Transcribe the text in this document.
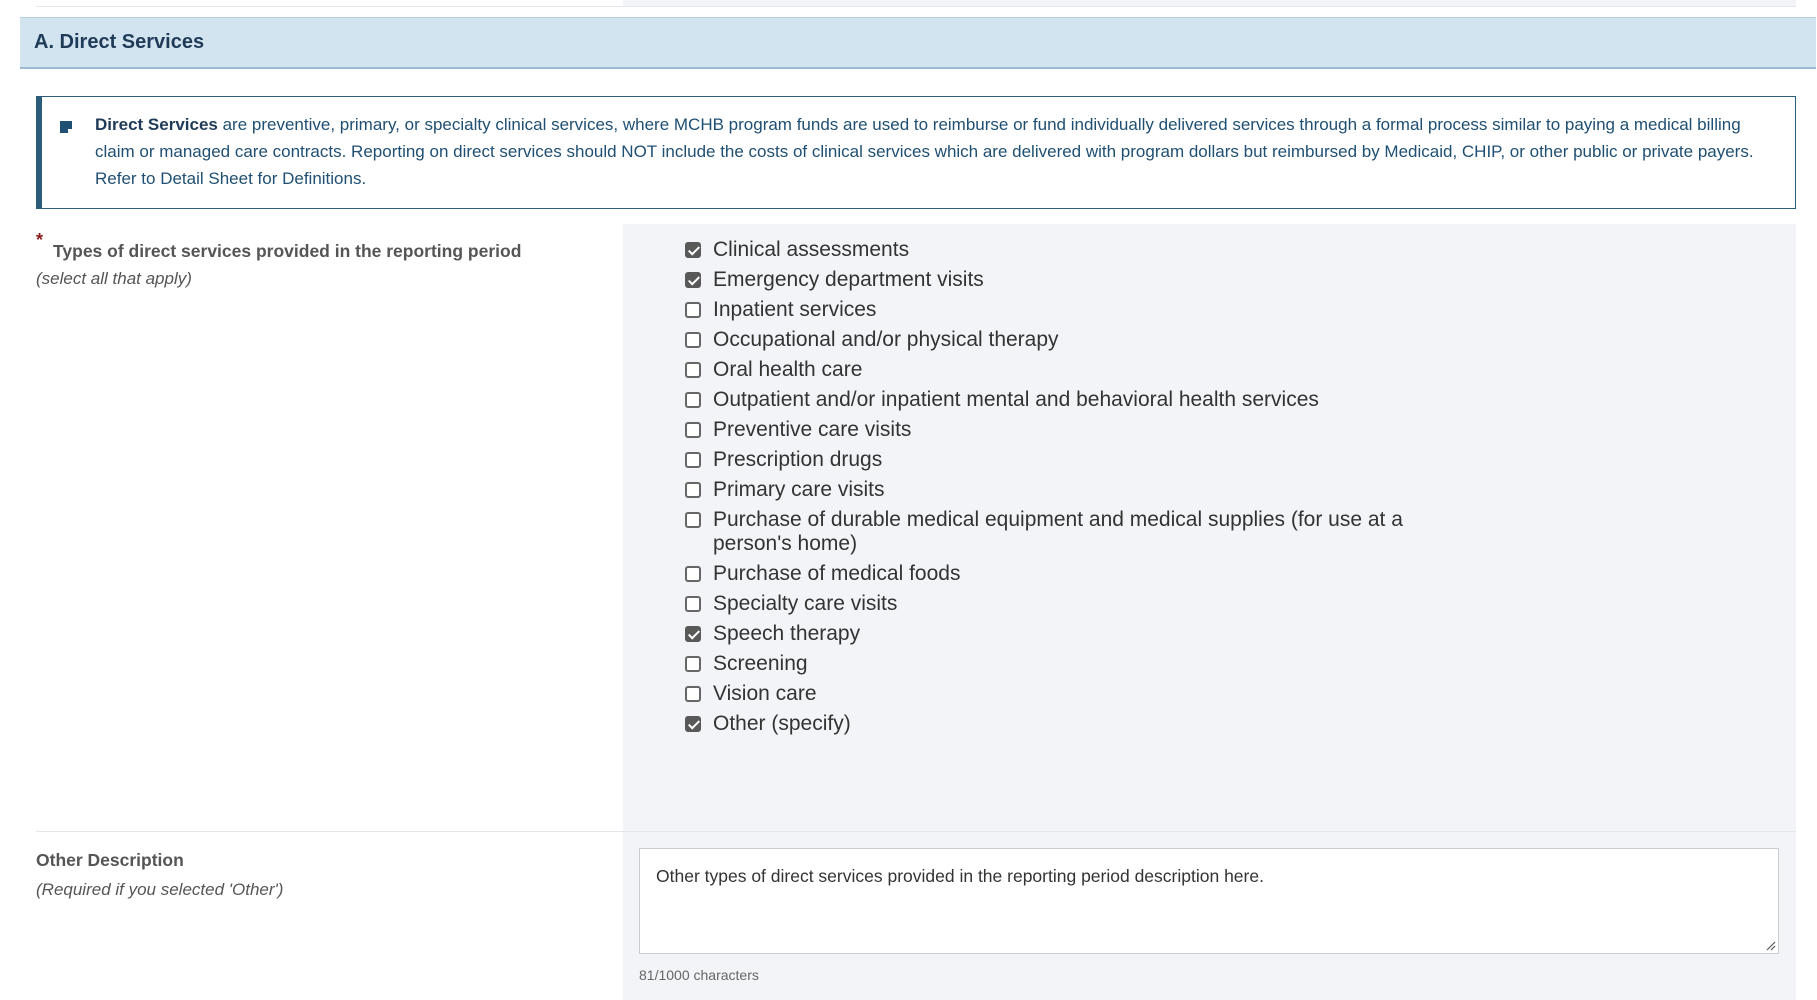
A. Direct Services
Direct Services are preventive, primary, or specialty clinical services, where MCHB program funds are used to reimburse or fund individually delivered services through a formal process similar to paying a medical billing claim or managed care contracts. Reporting on direct services should NOT include the costs of clinical services which are delivered with program dollars but reimbursed by Medicaid, CHIP, or other public or private payers. Refer to Detail Sheet for Definitions.
*
Types of direct services provided in the reporting period
(select all that apply)
Clinical assessments
Emergency department visits
Inpatient services
Occupational and/or physical therapy
Oral health care
Outpatient and/or inpatient mental and behavioral health services
Preventive care visits
Prescription drugs
Primary care visits
Purchase of durable medical equipment and medical supplies (for use at a person's home)
Purchase of medical foods
Specialty care visits
Speech therapy
Screening
Vision care
Other (specify)
Other Description
(Required if you selected 'Other')
Other types of direct services provided in the reporting period description here.
81/1000 characters
